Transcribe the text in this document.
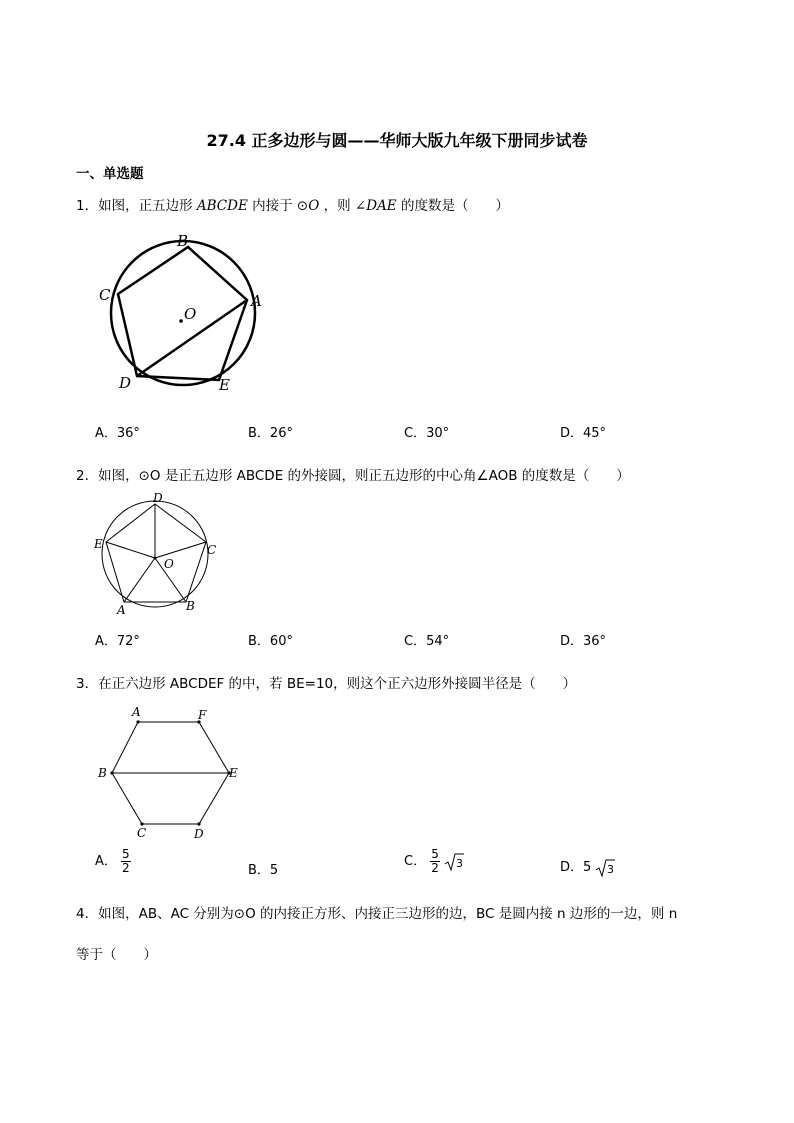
27.4 正多边形与圆——华师大版九年级下册同步试卷
一、单选题
1．如图，正五边形 ABCDE 内接于 ⊙O ，则 ∠DAE 的度数是（　　）
A
B
C
D	E
O
A．36°	B．26°	C．30°	D．45°
2．如图，⊙O 是正五边形 ABCDE 的外接圆，则正五边形的中心角∠AOB 的度数是（　　）
A	B
C
D
E
O
A．72°	B．60°	C．54°	D．36°
3．在正六边形 ABCDEF 的中，若 BE=10，则这个正六边形外接圆半径是（　　）
A	F
B	E
C	D
A． $\frac{5}{2}$	B．5
C． $\frac{5}{2}$
3	D．5 3
4．如图，AB、AC 分别为⊙O 的内接正方形、内接正三边形的边，BC 是圆内接 n 边形的一边，则 n
等于（　　）
